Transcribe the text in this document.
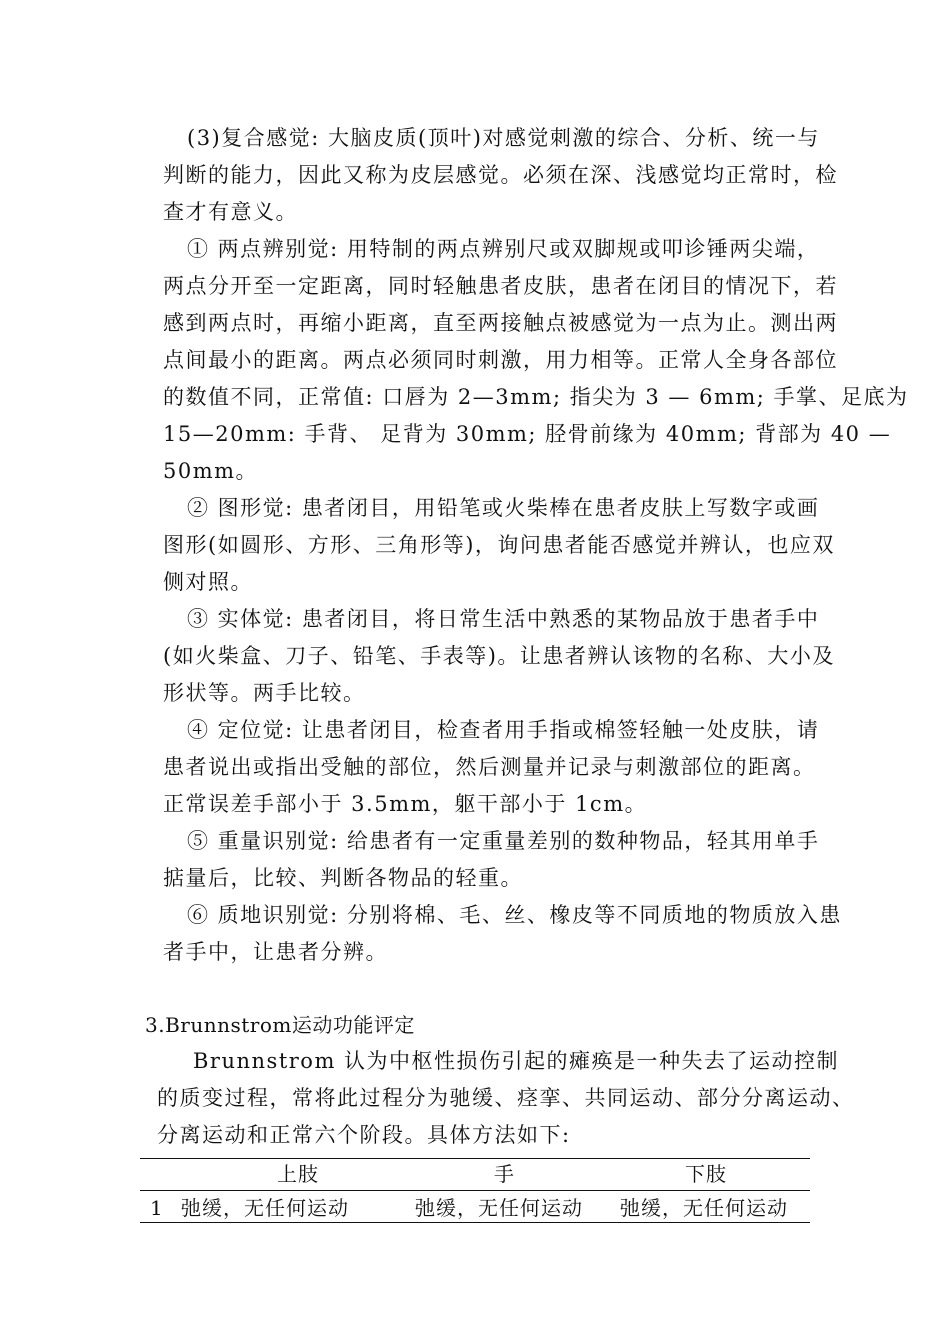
(3)复合感觉: 大脑皮质(顶叶)对感觉刺激的综合、分析、统一与
判断的能力，因此又称为皮层感觉。必须在深、浅感觉均正常时，检
查才有意义。
① 两点辨别觉: 用特制的两点辨别尺或双脚规或叩诊锤两尖端，
两点分开至一定距离，同时轻触患者皮肤，患者在闭目的情况下，若
感到两点时，再缩小距离，直至两接触点被感觉为一点为止。测出两
点间最小的距离。两点必须同时刺激，用力相等。正常人全身各部位
的数值不同，正常值: 口唇为 2—3mm; 指尖为 3 — 6mm; 手掌、足底为
15—20mm: 手背、 足背为 30mm; 胫骨前缘为 40mm; 背部为 40 —
50mm。
② 图形觉: 患者闭目，用铅笔或火柴棒在患者皮肤上写数字或画
图形(如圆形、方形、三角形等)，询问患者能否感觉并辨认，也应双
侧对照。
③ 实体觉: 患者闭目，将日常生活中熟悉的某物品放于患者手中
(如火柴盒、刀子、铅笔、手表等)。让患者辨认该物的名称、大小及
形状等。两手比较。
④ 定位觉: 让患者闭目，检查者用手指或棉签轻触一处皮肤，请
患者说出或指出受触的部位，然后测量并记录与刺激部位的距离。
正常误差手部小于 3.5mm，躯干部小于 1cm。
⑤ 重量识别觉: 给患者有一定重量差别的数种物品，轻其用单手
掂量后，比较、判断各物品的轻重。
⑥ 质地识别觉: 分别将棉、毛、丝、橡皮等不同质地的物质放入患
者手中，让患者分辨。
3.Brunnstrom运动功能评定
Brunnstrom 认为中枢性损伤引起的瘫痪是一种失去了运动控制
的质变过程，常将此过程分为驰缓、痉挛、共同运动、部分分离运动、
分离运动和正常六个阶段。具体方法如下:
上肢	手	下肢
1 弛缓，无任何运动	弛缓，无任何运动 弛缓，无任何运动
